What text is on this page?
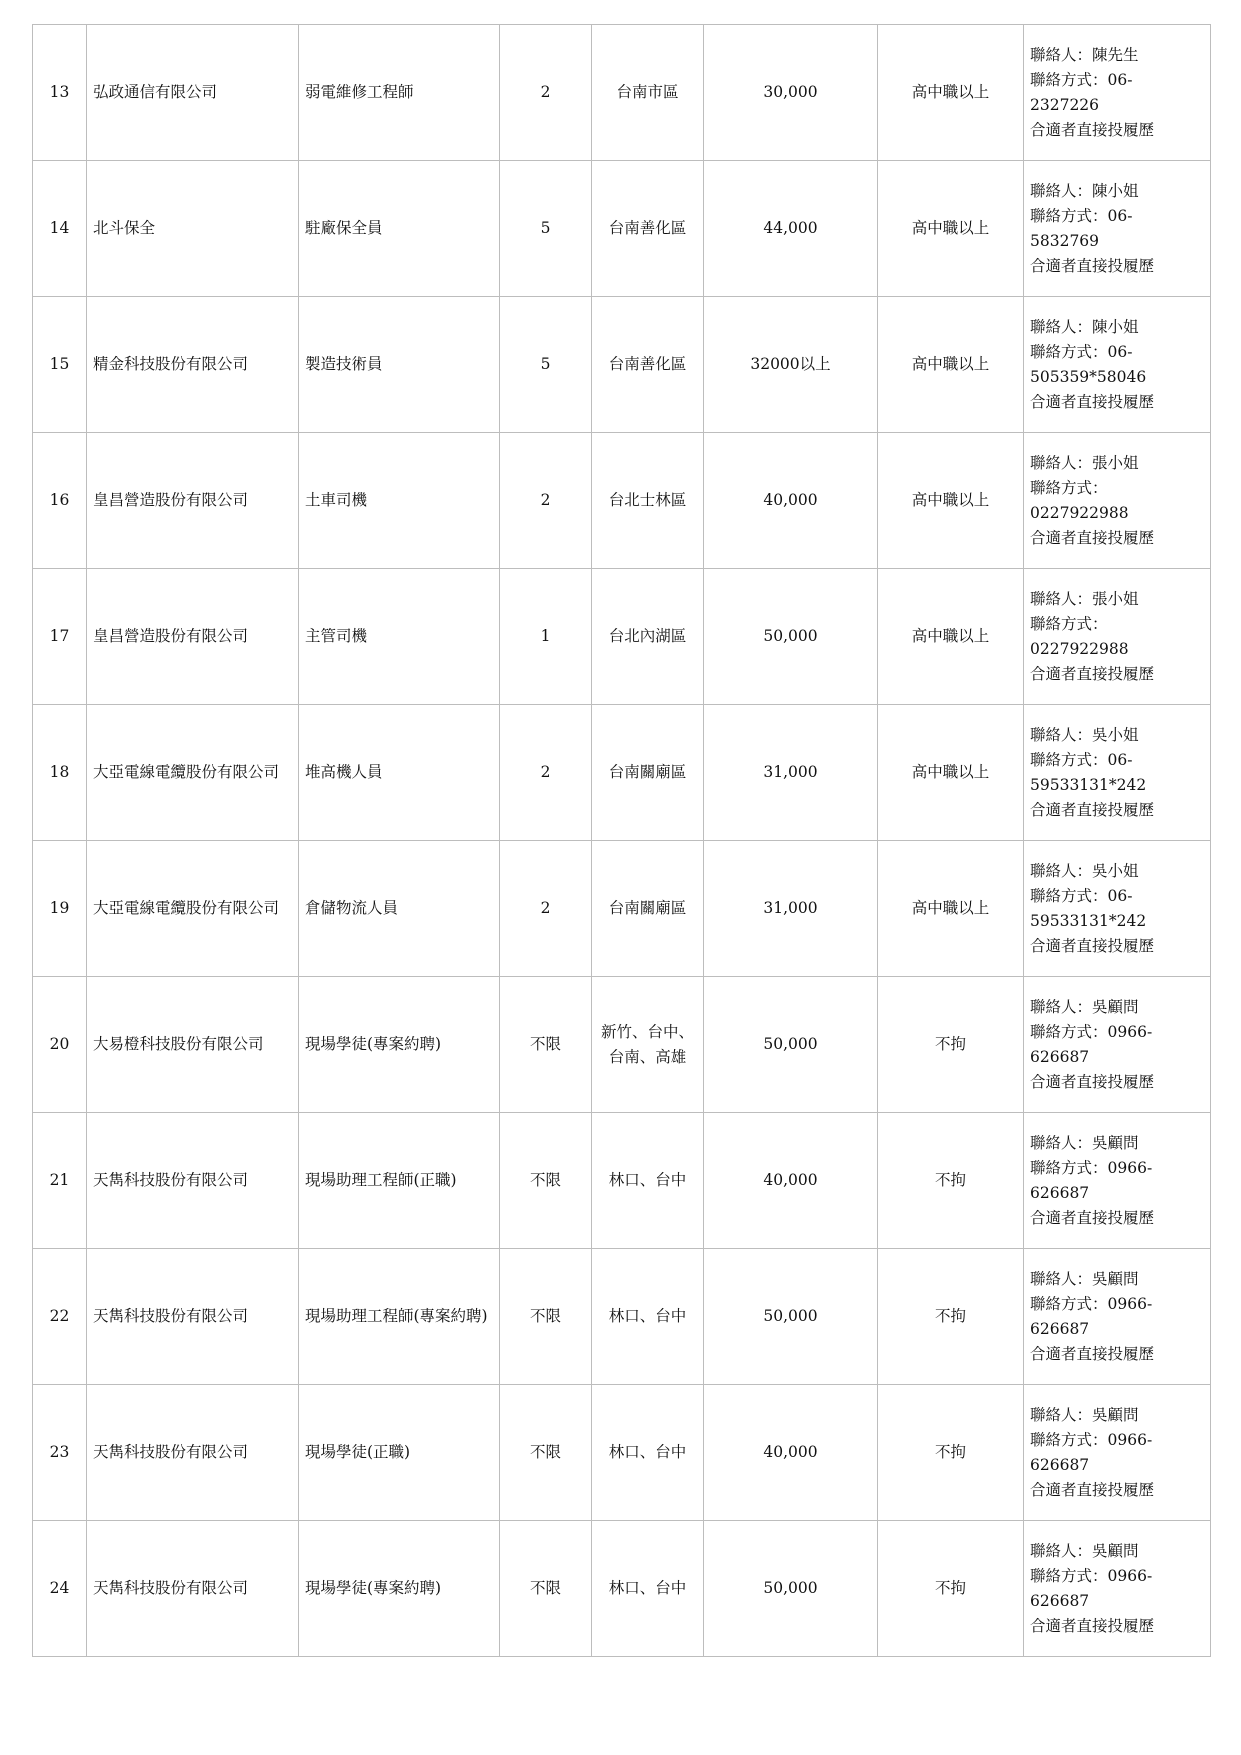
13	弘政通信有限公司	弱電維修工程師	2	台南市區	30,000	高中職以上	聯絡人：陳先生
聯絡方式：06-
2327226
合適者直接投履歷

14	北斗保全	駐廠保全員	5	台南善化區	44,000	高中職以上	聯絡人：陳小姐
聯絡方式：06-
5832769
合適者直接投履歷

15	精金科技股份有限公司	製造技術員	5	台南善化區	32000以上	高中職以上	聯絡人：陳小姐
聯絡方式：06-
505359*58046
合適者直接投履歷

16	皇昌營造股份有限公司	土車司機	2	台北士林區	40,000	高中職以上	聯絡人：張小姐
聯絡方式：
0227922988
合適者直接投履歷

17	皇昌營造股份有限公司	主管司機	1	台北內湖區	50,000	高中職以上	聯絡人：張小姐
聯絡方式：
0227922988
合適者直接投履歷

18	大亞電線電纜股份有限公司	堆高機人員	2	台南關廟區	31,000	高中職以上	聯絡人：吳小姐
聯絡方式：06-
59533131*242
合適者直接投履歷

19	大亞電線電纜股份有限公司	倉儲物流人員	2	台南關廟區	31,000	高中職以上	聯絡人：吳小姐
聯絡方式：06-
59533131*242
合適者直接投履歷

20	大易橙科技股份有限公司	現場學徒(專案約聘)	不限	新竹、台中、台南、高雄	50,000	不拘	聯絡人：吳顧問
聯絡方式：0966-
626687
合適者直接投履歷

21	天雋科技股份有限公司	現場助理工程師(正職)	不限	林口、台中	40,000	不拘	聯絡人：吳顧問
聯絡方式：0966-
626687
合適者直接投履歷

22	天雋科技股份有限公司	現場助理工程師(專案約聘)	不限	林口、台中	50,000	不拘	聯絡人：吳顧問
聯絡方式：0966-
626687
合適者直接投履歷

23	天雋科技股份有限公司	現場學徒(正職)	不限	林口、台中	40,000	不拘	聯絡人：吳顧問
聯絡方式：0966-
626687
合適者直接投履歷

24	天雋科技股份有限公司	現場學徒(專案約聘)	不限	林口、台中	50,000	不拘	聯絡人：吳顧問
聯絡方式：0966-
626687
合適者直接投履歷
